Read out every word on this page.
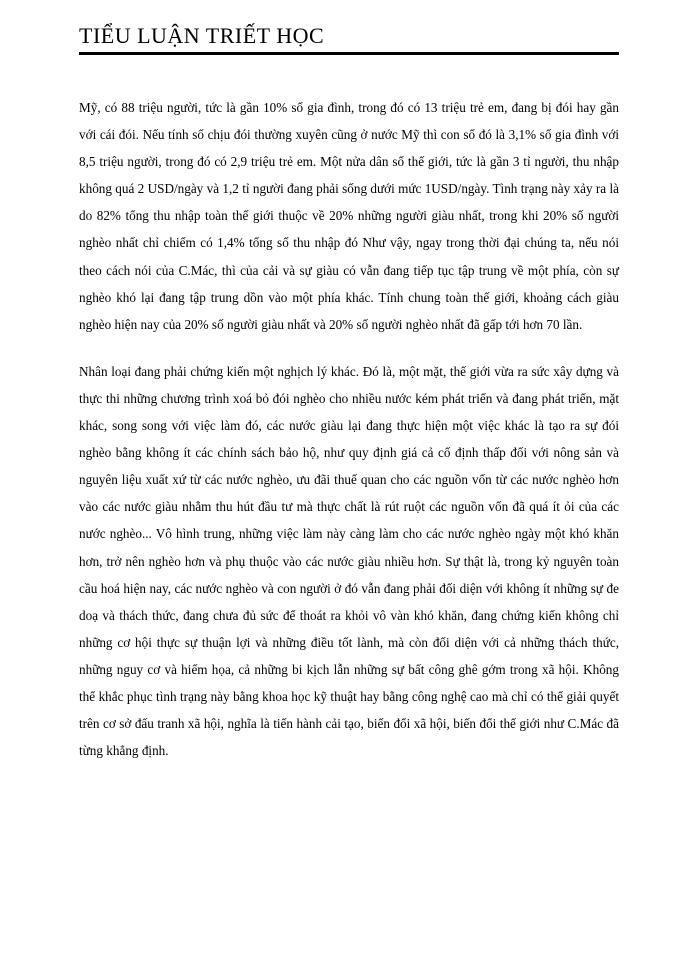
TIỂU LUẬN TRIẾT HỌC

Mỹ, có 88 triệu người, tức là gần 10% số gia đình, trong đó có 13 triệu trẻ em, đang bị đói hay gần với cái đói. Nếu tính số chịu đói thường xuyên cũng ở nước Mỹ thì con số đó là 3,1% số gia đình với 8,5 triệu người, trong đó có 2,9 triệu trẻ em. Một nửa dân số thế giới, tức là gần 3 tỉ người, thu nhập không quá 2 USD/ngày và 1,2 tỉ người đang phải sống dưới mức 1USD/ngày. Tình trạng này xảy ra là do 82% tổng thu nhập toàn thế giới thuộc về 20% những người giàu nhất, trong khi 20% số người nghèo nhất chỉ chiếm có 1,4% tổng số thu nhập đó Như vậy, ngay trong thời đại chúng ta, nếu nói theo cách nói của C.Mác, thì của cải và sự giàu có vẫn đang tiếp tục tập trung về một phía, còn sự nghèo khó lại đang tập trung dồn vào một phía khác. Tính chung toàn thế giới, khoảng cách giàu nghèo hiện nay của 20% số người giàu nhất và 20% số người nghèo nhất đã gấp tới hơn 70 lần.

Nhân loại đang phải chứng kiến một nghịch lý khác. Đó là, một mặt, thế giới vừa ra sức xây dựng và thực thi những chương trình xoá bỏ đói nghèo cho nhiều nước kém phát triển và đang phát triển, mặt khác, song song với việc làm đó, các nước giàu lại đang thực hiện một việc khác là tạo ra sự đói nghèo bằng không ít các chính sách bảo hộ, như quy định giá cả cố định thấp đối với nông sản và nguyên liệu xuất xứ từ các nước nghèo, ưu đãi thuế quan cho các nguồn vốn từ các nước nghèo hơn vào các nước giàu nhằm thu hút đầu tư mà thực chất là rút ruột các nguồn vốn đã quá ít ỏi của các nước nghèo... Vô hình trung, những việc làm này càng làm cho các nước nghèo ngày một khó khăn hơn, trở nên nghèo hơn và phụ thuộc vào các nước giàu nhiều hơn. Sự thật là, trong kỷ nguyên toàn cầu hoá hiện nay, các nước nghèo và con người ở đó vẫn đang phải đối diện với không ít những sự đe doạ và thách thức, đang chưa đủ sức để thoát ra khỏi vô vàn khó khăn, đang chứng kiến không chỉ những cơ hội thực sự thuận lợi và những điều tốt lành, mà còn đối diện với cả những thách thức, những nguy cơ và hiểm họa, cả những bi kịch lẫn những sự bất công ghê gớm trong xã hội. Không thể khắc phục tình trạng này bằng khoa học kỹ thuật hay bằng công nghệ cao mà chỉ có thể giải quyết trên cơ sở đấu tranh xã hội, nghĩa là tiến hành cải tạo, biến đổi xã hội, biến đổi thế giới như C.Mác đã từng khẳng định.
